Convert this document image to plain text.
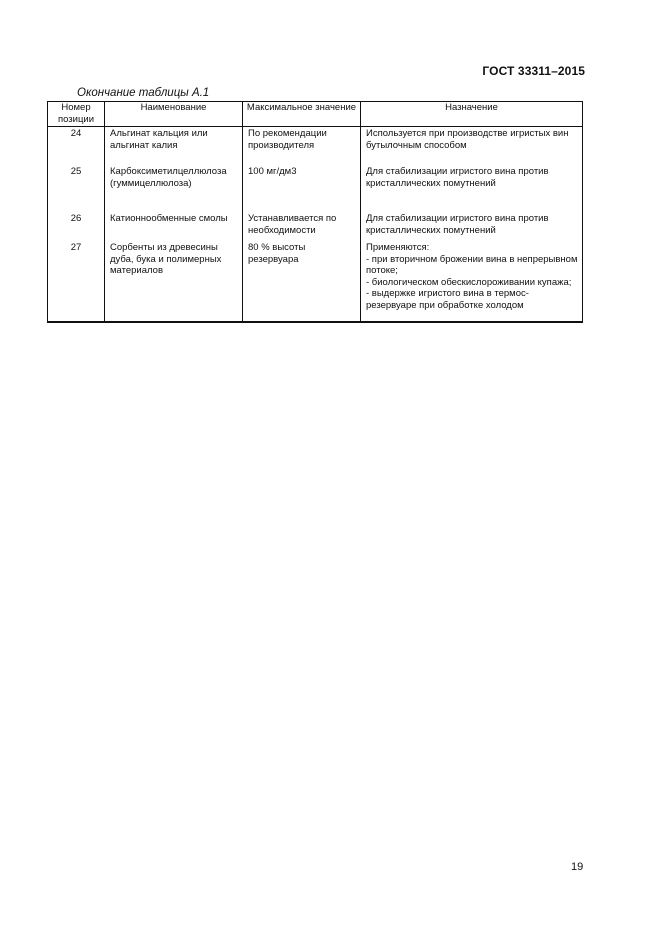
ГОСТ 33311–2015
Окончание таблицы А.1
Номер позиции	Наименование	Максимальное значение	Назначение
24	Альгинат кальция или альгинат калия	По рекомендации производителя	Используется при производстве игристых вин бутылочным способом

25	Карбоксиметилцеллюлоза (гуммицеллюлоза)	100 мг/дм3	Для стабилизации игристого вина против кристаллических помутнений

26	Катионнообменные смолы	Устанавливается по необходимости	Для стабилизации игристого вина против кристаллических помутнений

27	Сорбенты из древесины дуба, бука и полимерных материалов	80 % высоты резервуара	Применяются:
- при вторичном брожении вина в непрерывном потоке;
- биологическом обескислороживании купажа;
- выдержке игристого вина в термос-резервуаре при обработке холодом
19
